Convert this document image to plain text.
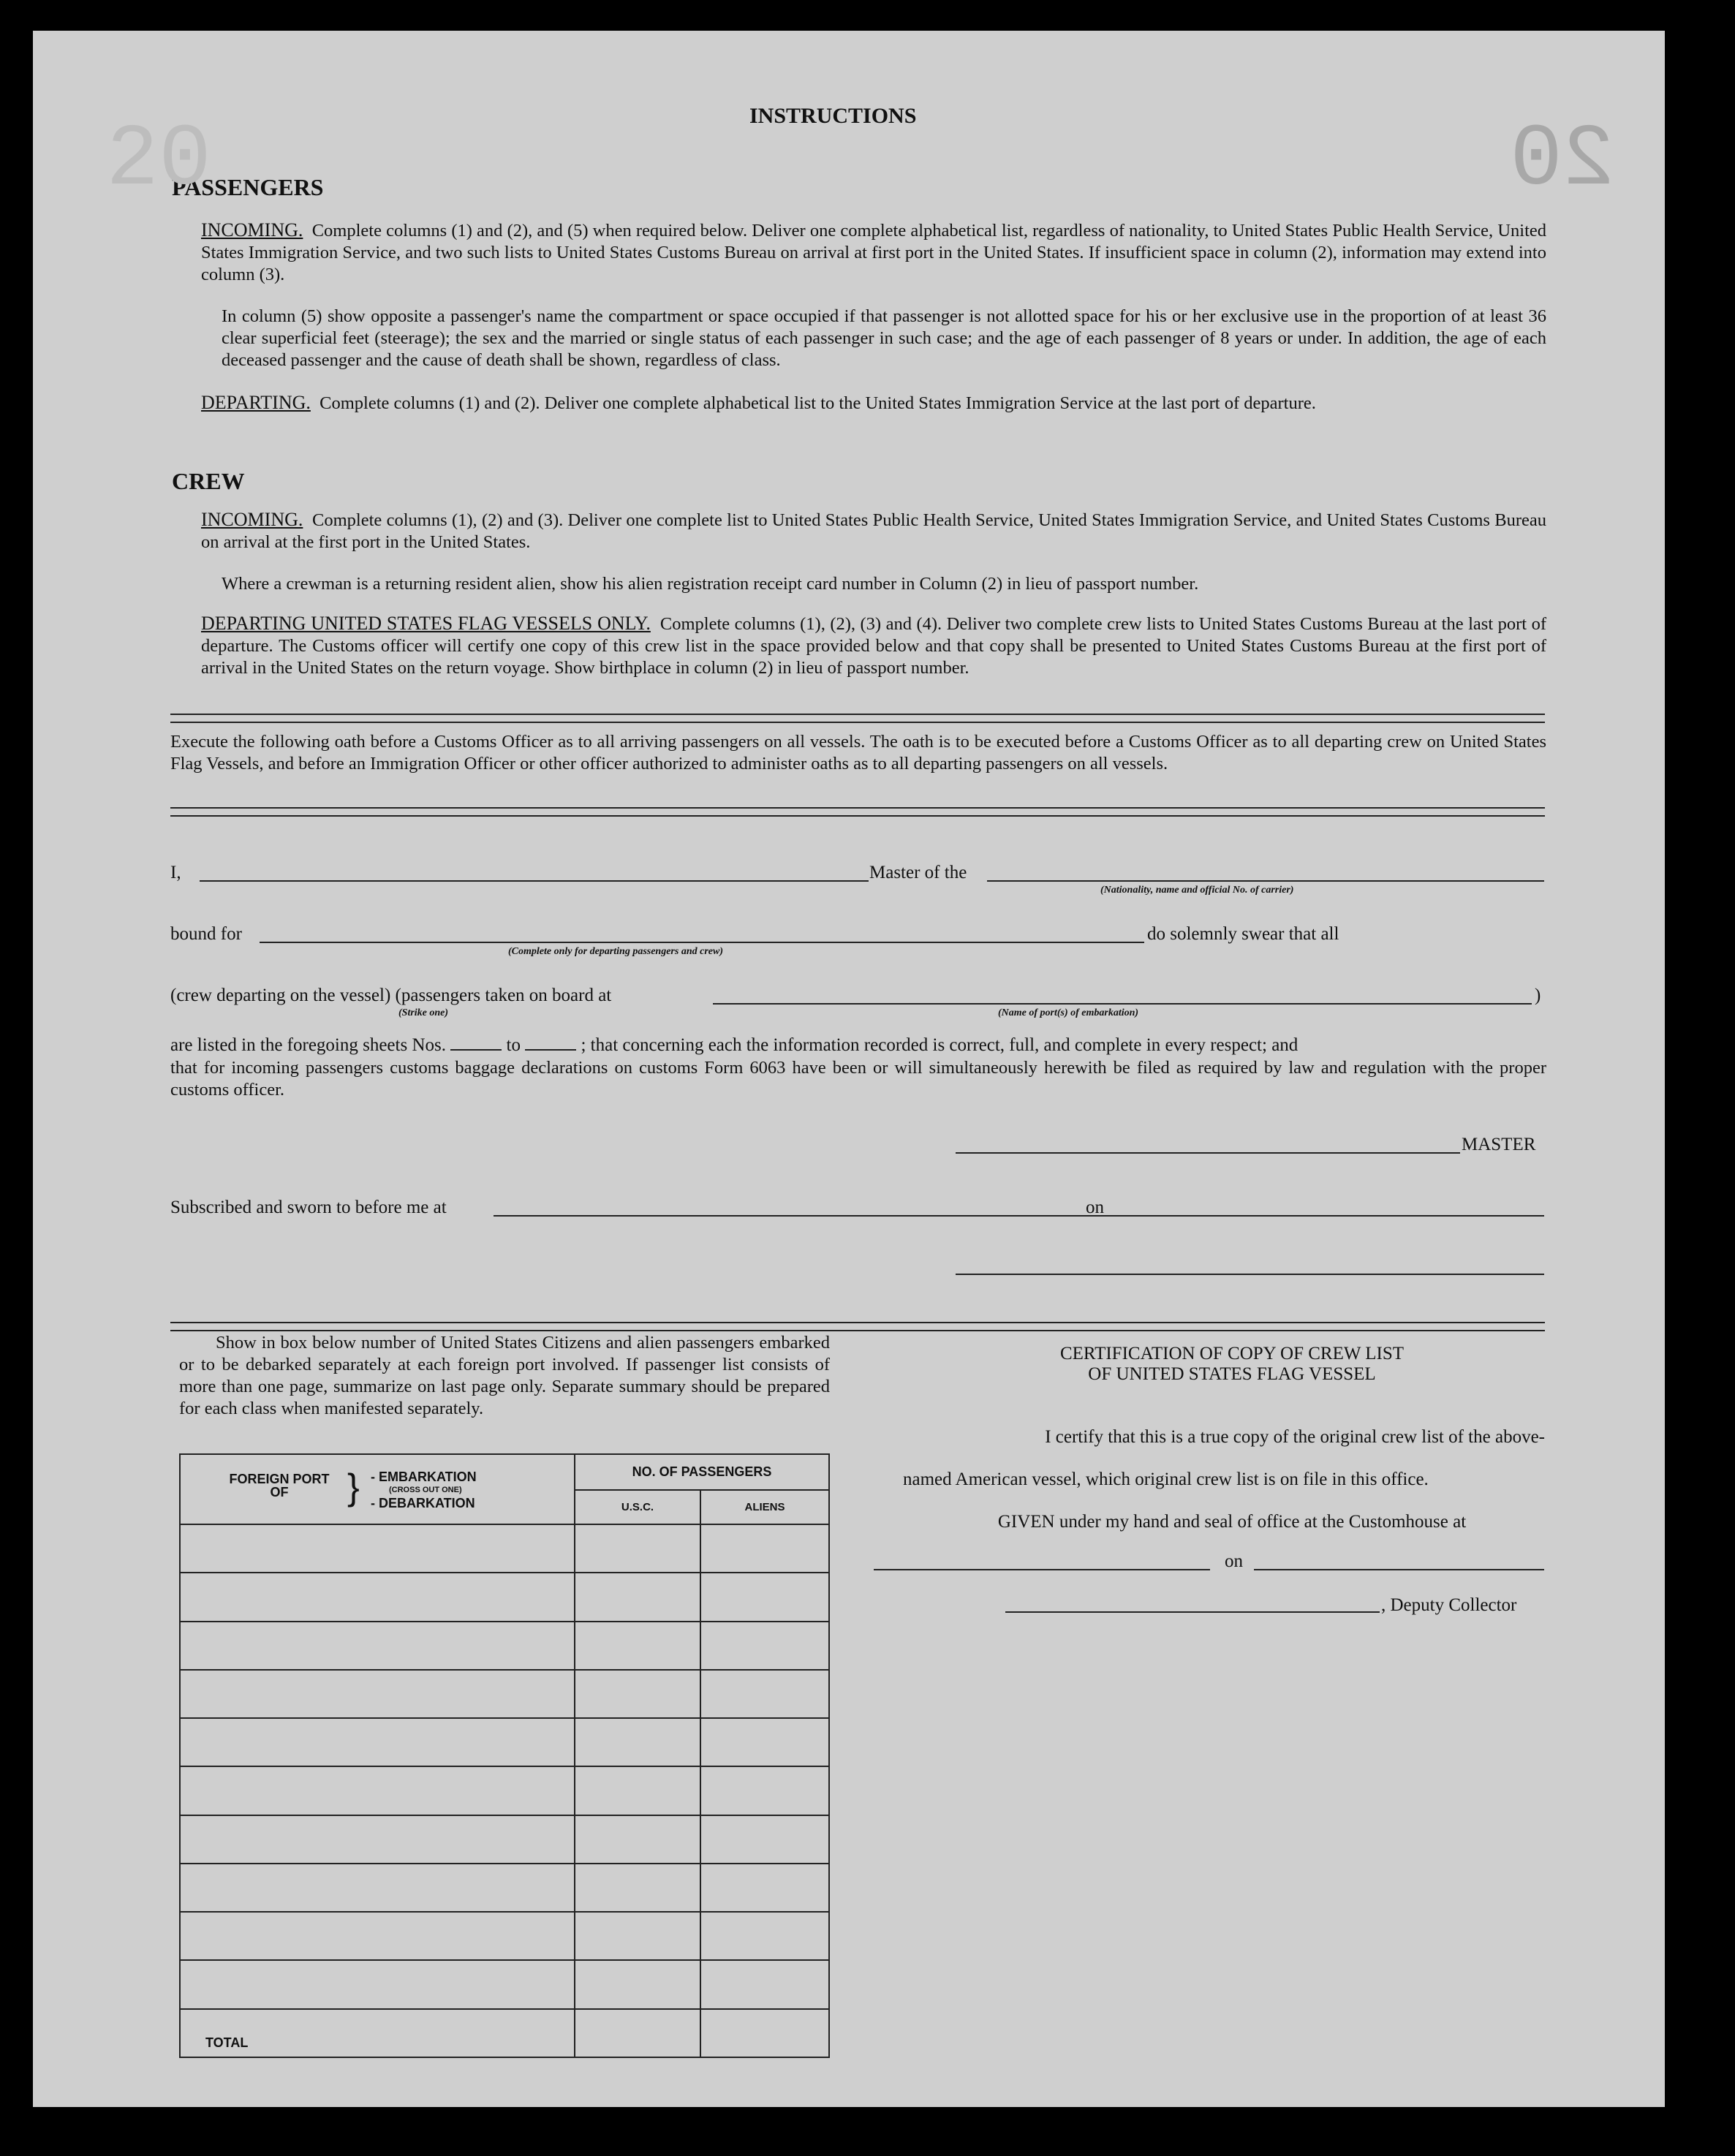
INSTRUCTIONS
PASSENGERS
INCOMING. Complete columns (1) and (2), and (5) when required below. Deliver one complete alphabetical list, regardless of nationality, to United States Public Health Service, United States Immigration Service, and two such lists to United States Customs Bureau on arrival at first port in the United States. If insufficient space in column (2), information may extend into column (3).
In column (5) show opposite a passenger's name the compartment or space occupied if that passenger is not allotted space for his or her exclusive use in the proportion of at least 36 clear superficial feet (steerage); the sex and the married or single status of each passenger in such case; and the age of each passenger of 8 years or under. In addition, the age of each deceased passenger and the cause of death shall be shown, regardless of class.
DEPARTING. Complete columns (1) and (2). Deliver one complete alphabetical list to the United States Immigration Service at the last port of departure.
CREW
INCOMING. Complete columns (1), (2) and (3). Deliver one complete list to United States Public Health Service, United States Immigration Service, and United States Customs Bureau on arrival at the first port in the United States.
Where a crewman is a returning resident alien, show his alien registration receipt card number in Column (2) in lieu of passport number.
DEPARTING UNITED STATES FLAG VESSELS ONLY. Complete columns (1), (2), (3) and (4). Deliver two complete crew lists to United States Customs Bureau at the last port of departure. The Customs officer will certify one copy of this crew list in the space provided below and that copy shall be presented to United States Customs Bureau at the first port of arrival in the United States on the return voyage. Show birthplace in column (2) in lieu of passport number.
Execute the following oath before a Customs Officer as to all arriving passengers on all vessels. The oath is to be executed before a Customs Officer as to all departing crew on United States Flag Vessels, and before an Immigration Officer or other officer authorized to administer oaths as to all departing passengers on all vessels.
I,	Master of the
(Nationality, name and official No. of carrier)
bound for
(Complete only for departing passengers and crew)
do solemnly swear that all
(crew departing on the vessel) (passengers taken on board at	)
(Strike one)	(Name of port(s) of embarkation)
are listed in the foregoing sheets Nos.	to	; that concerning each the information recorded is correct, full, and complete in every respect; and
that for incoming passengers customs baggage declarations on customs Form 6063 have been or will simultaneously herewith be filed as required by law and regulation with the proper customs officer.
MASTER
Subscribed and sworn to before me at	on
Show in box below number of United States Citizens and alien passengers embarked or to be debarked separately at each foreign port involved. If passenger list consists of more than one page, summarize on last page only. Separate summary should be prepared for each class when manifested separately.
FOREIGN PORT OF } - EMBARKATION
(CROSS OUT ONE)
- DEBARKATION	NO. OF PASSENGERS	
	U.S.C.	ALIENS

TOTAL		
CERTIFICATION OF COPY OF CREW LIST
OF UNITED STATES FLAG VESSEL
I certify that this is a true copy of the original crew list of the above-
named American vessel, which original crew list is on file in this office.
GIVEN under my hand and seal of office at the Customhouse at
on
, Deputy Collector
20
20
